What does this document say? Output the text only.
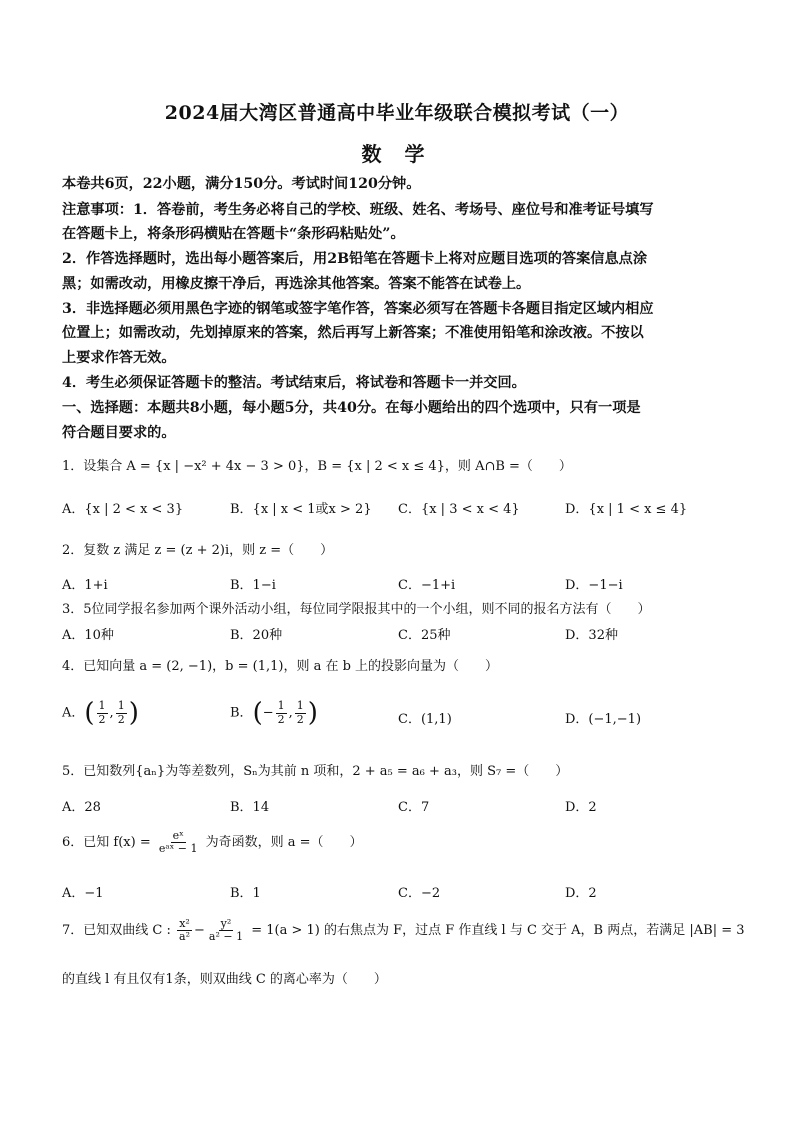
2024届大湾区普通高中毕业年级联合模拟考试（一）
数 学
本卷共6页，22小题，满分150分。考试时间120分钟。
注意事项：1．答卷前，考生务必将自己的学校、班级、姓名、考场号、座位号和准考证号填写
在答题卡上，将条形码横贴在答题卡“条形码粘贴处”。
2．作答选择题时，选出每小题答案后，用2B铅笔在答题卡上将对应题目选项的答案信息点涂
黑；如需改动，用橡皮擦干净后，再选涂其他答案。答案不能答在试卷上。
3．非选择题必须用黑色字迹的钢笔或签字笔作答，答案必须写在答题卡各题目指定区域内相应
位置上；如需改动，先划掉原来的答案，然后再写上新答案；不准使用铅笔和涂改液。不按以
上要求作答无效。
4．考生必须保证答题卡的整洁。考试结束后，将试卷和答题卡一并交回。
一、选择题：本题共8小题，每小题5分，共40分。在每小题给出的四个选项中，只有一项是
符合题目要求的。
1．设集合 A = {x | −x² + 4x − 3 > 0}，B = {x | 2 < x ≤ 4}，则 A∩B =（　　）
A．{x | 2 < x < 3}	B．{x | x < 1或x > 2} C．{x | 3 < x < 4}	D．{x | 1 < x ≤ 4}
2．复数 z 满足 z = (z + 2)i，则 z =（　　）
A．1+i	B．1−i	C．−1+i	D．−1−i
3．5位同学报名参加两个课外活动小组，每位同学限报其中的一个小组，则不同的报名方法有（　　）
A．10种	B．20种	C．25种	D．32种
4．已知向量 a = (2, −1)，b = (1,1)，则 a 在 b 上的投影向量为（　　）
A．( $\frac{1}{2}$ , $\frac{1}{2}$ )	B．(− $\frac{1}{2}$ , $\frac{1}{2}$ )	C．(1,1)	D．(−1,−1)
5．已知数列{aₙ}为等差数列，Sₙ为其前 n 项和，2 + a₅ = a₆ + a₃，则 S₇ =（　　）
A．28	B．14	C．7	D．2
6．已知 $f(x) = \frac{\text{eˣ}}{\text{eᵃˣ − 1}}$ 为奇函数，则 a =（　　）
A．−1	B．1	C．−2	D．2
7．已知双曲线 C : $\frac{\text{x²}}{\text{a²}} - \frac{\text{y²}}{\text{a² − 1}} = 1(a > 1)$ 的右焦点为 F，过点 F 作直线 l 与 C 交于 A，B 两点，若满足 |AB| = 3
的直线 l 有且仅有1条，则双曲线 C 的离心率为（　　）
